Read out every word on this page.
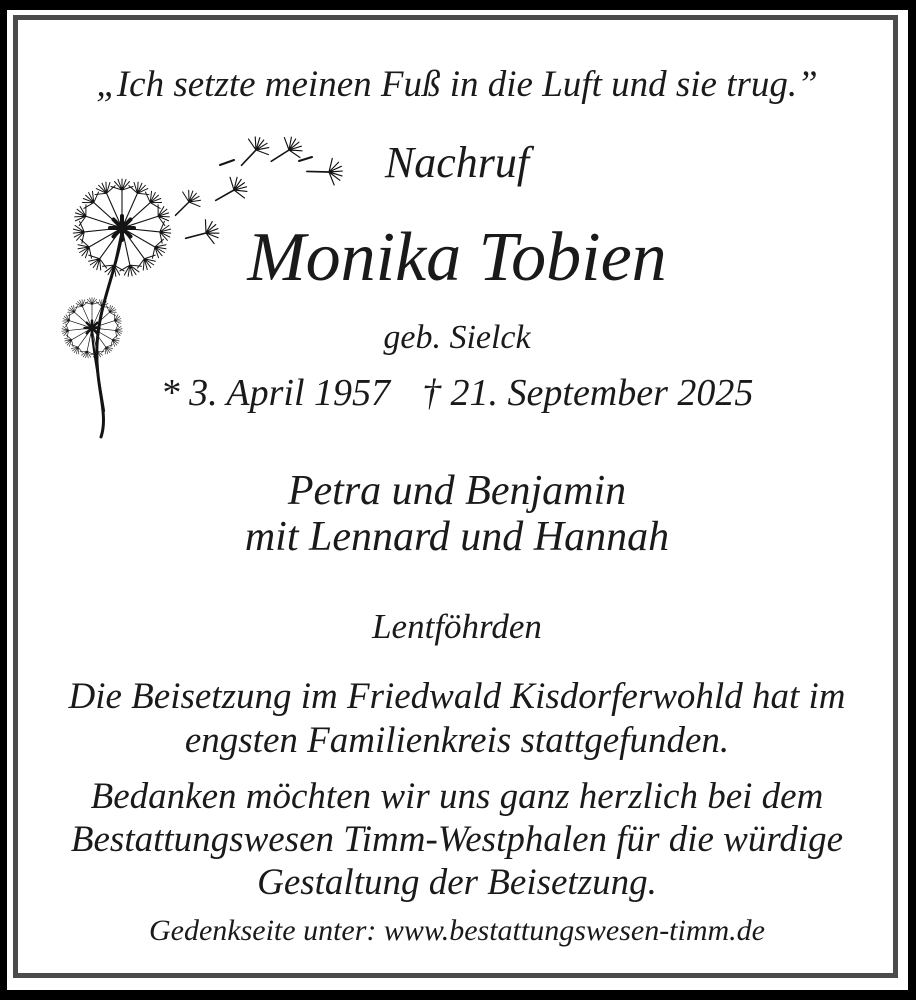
„Ich setzte meinen Fuß in die Luft und sie trug.”
Nachruf
Monika Tobien
geb. Sielck
* 3. April 1957 † 21. September 2025
Petra und Benjamin
mit Lennard und Hannah
Lentföhrden
Die Beisetzung im Friedwald Kisdorferwohld hat im
engsten Familienkreis stattgefunden.
Bedanken möchten wir uns ganz herzlich bei dem
Bestattungswesen Timm-Westphalen für die würdige
Gestaltung der Beisetzung.
Gedenkseite unter: www.bestattungswesen-timm.de
